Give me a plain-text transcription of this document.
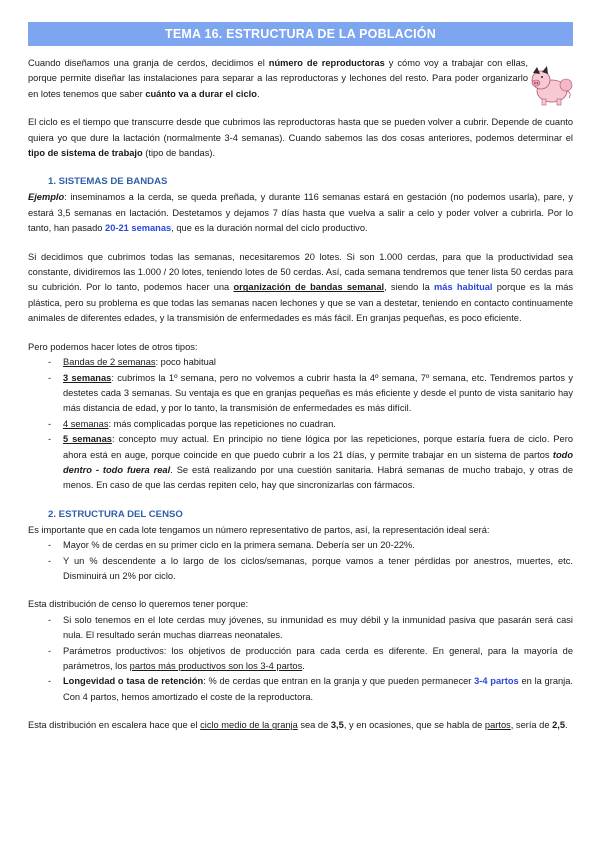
TEMA 16. ESTRUCTURA DE LA POBLACIÓN

Cuando diseñamos una granja de cerdos, decidimos el número de reproductoras y cómo voy a trabajar con ellas, porque permite diseñar las instalaciones para separar a las reproductoras y lechones del resto. Para poder organizarlo en lotes tenemos que saber cuánto va a durar el ciclo.

El ciclo es el tiempo que transcurre desde que cubrimos las reproductoras hasta que se pueden volver a cubrir. Depende de cuanto quiera yo que dure la lactación (normalmente 3-4 semanas). Cuando sabemos las dos cosas anteriores, podemos determinar el tipo de sistema de trabajo (tipo de bandas).

1. SISTEMAS DE BANDAS

Ejemplo: inseminamos a la cerda, se queda preñada, y durante 116 semanas estará en gestación (no podemos usarla), pare, y estará 3,5 semanas en lactación. Destetamos y dejamos 7 días hasta que vuelva a salir a celo y poder volver a cubrirla. Por lo tanto, han pasado 20-21 semanas, que es la duración normal del ciclo productivo.

Si decidimos que cubrimos todas las semanas, necesitaremos 20 lotes. Si son 1.000 cerdas, para que la productividad sea constante, dividiremos las 1.000 / 20 lotes, teniendo lotes de 50 cerdas. Así, cada semana tendremos que tener lista 50 cerdas para su cubrición. Por lo tanto, podemos hacer una organización de bandas semanal, siendo la más habitual porque es la más plástica, pero su problema es que todas las semanas nacen lechones y que se van a destetar, teniendo en contacto continuamente animales de diferentes edades, y la transmisión de enfermedades es más fácil. En granjas pequeñas, es poco eficiente.

Pero podemos hacer lotes de otros tipos:

- Bandas de 2 semanas: poco habitual
- 3 semanas: cubrimos la 1º semana, pero no volvemos a cubrir hasta la 4º semana, 7º semana, etc. Tendremos partos y destetes cada 3 semanas. Su ventaja es que en granjas pequeñas es más eficiente y desde el punto de vista sanitario hay más distancia de edad, y por lo tanto, la transmisión de enfermedades es más difícil.
- 4 semanas: más complicadas porque las repeticiones no cuadran.
- 5 semanas: concepto muy actual. En principio no tiene lógica por las repeticiones, porque estaría fuera de ciclo. Pero ahora está en auge, porque coincide en que puedo cubrir a los 21 días, y permite trabajar en un sistema de partos todo dentro - todo fuera real. Se está realizando por una cuestión sanitaria. Habrá semanas de mucho trabajo, y otras de menos. En caso de que las cerdas repiten celo, hay que sincronizarlas con fármacos.
2. ESTRUCTURA DEL CENSO

Es importante que en cada lote tengamos un número representativo de partos, así, la representación ideal será:

- Mayor % de cerdas en su primer ciclo en la primera semana. Debería ser un 20-22%.
- Y un % descendente a lo largo de los ciclos/semanas, porque vamos a tener pérdidas por anestros, muertes, etc. Disminuirá un 2% por ciclo.

Esta distribución de censo lo queremos tener porque:

- Si solo tenemos en el lote cerdas muy jóvenes, su inmunidad es muy débil y la inmunidad pasiva que pasarán será casi nula. El resultado serán muchas diarreas neonatales.
- Parámetros productivos: los objetivos de producción para cada cerda es diferente. En general, para la mayoría de parámetros, los partos más productivos son los 3-4 partos.
- Longevidad o tasa de retención: % de cerdas que entran en la granja y que pueden permanecer 3-4 partos en la granja. Con 4 partos, hemos amortizado el coste de la reproductora.

Esta distribución en escalera hace que el ciclo medio de la granja sea de 3,5, y en ocasiones, que se habla de partos, sería de 2,5.
